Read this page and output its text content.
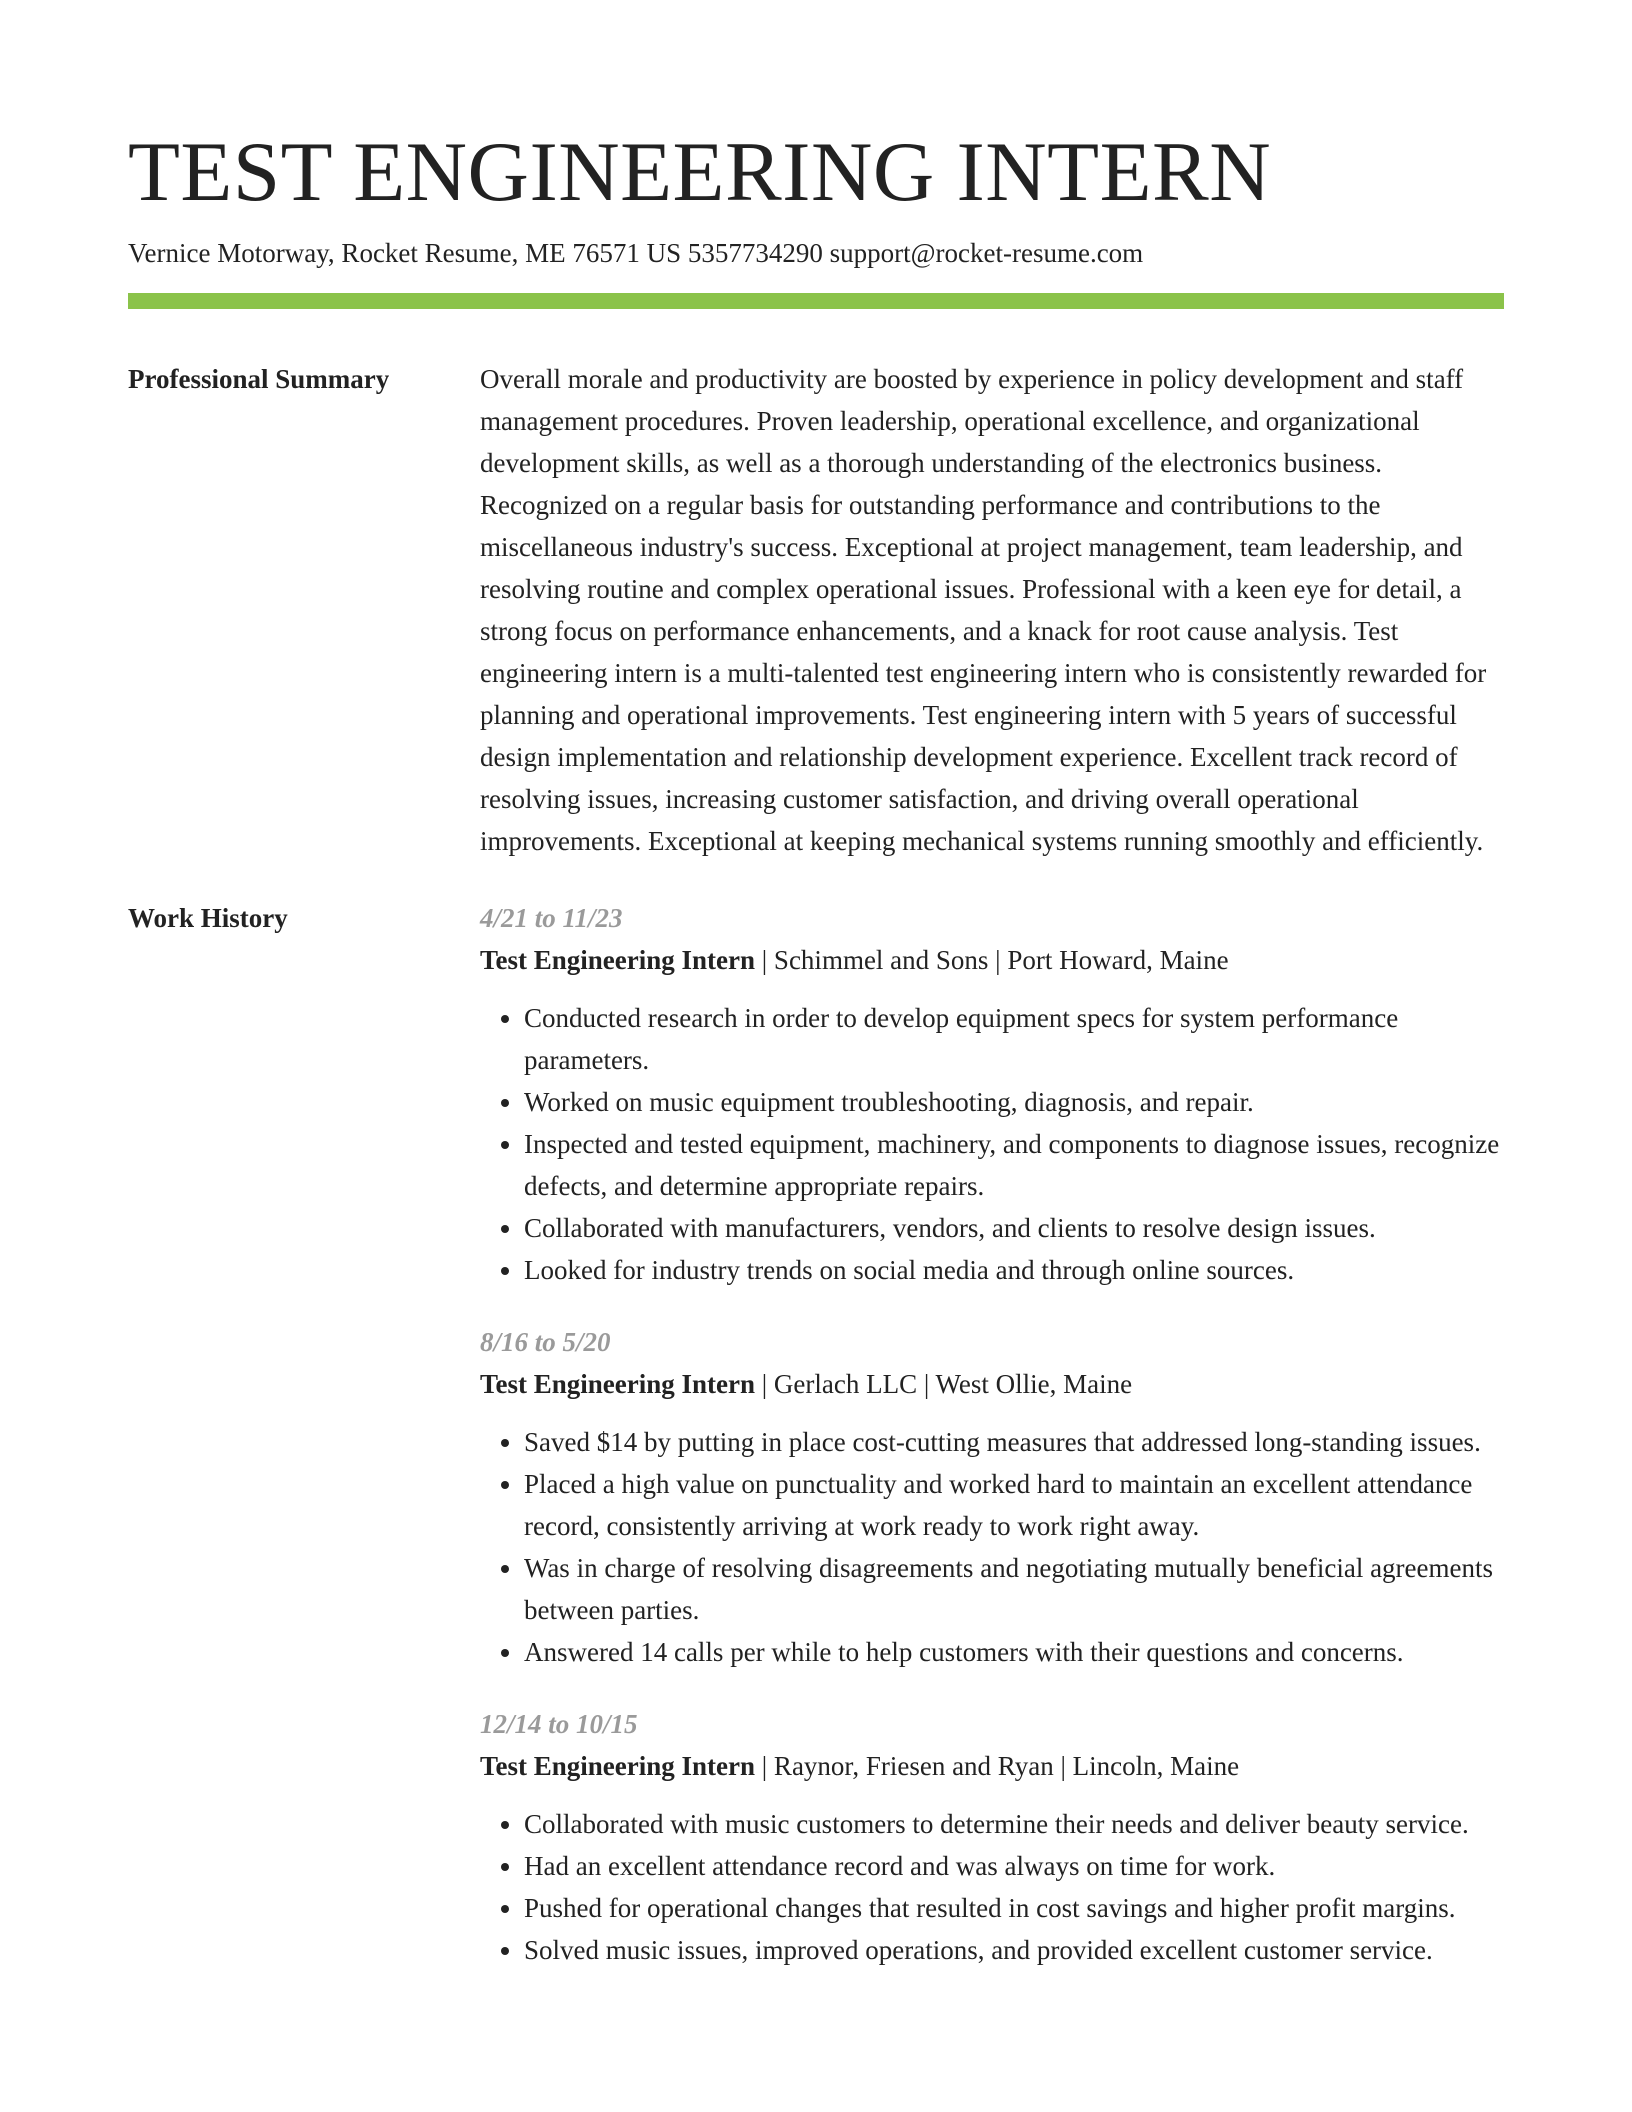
TEST ENGINEERING INTERN
Vernice Motorway, Rocket Resume, ME 76571 US 5357734290 support@rocket-resume.com
Professional Summary	Overall morale and productivity are boosted by experience in policy development and staff management procedures. Proven leadership, operational excellence, and organizational development skills, as well as a thorough understanding of the electronics business. Recognized on a regular basis for outstanding performance and contributions to the miscellaneous industry's success. Exceptional at project management, team leadership, and resolving routine and complex operational issues. Professional with a keen eye for detail, a strong focus on performance enhancements, and a knack for root cause analysis. Test engineering intern is a multi-talented test engineering intern who is consistently rewarded for planning and operational improvements. Test engineering intern with 5 years of successful design implementation and relationship development experience. Excellent track record of resolving issues, increasing customer satisfaction, and driving overall operational improvements. Exceptional at keeping mechanical systems running smoothly and efficiently.

Work History	4/21 to 11/23
Test Engineering Intern | Schimmel and Sons | Port Howard, Maine
• Conducted research in order to develop equipment specs for system performance parameters.
• Worked on music equipment troubleshooting, diagnosis, and repair.
• Inspected and tested equipment, machinery, and components to diagnose issues, recognize defects, and determine appropriate repairs.
• Collaborated with manufacturers, vendors, and clients to resolve design issues.
• Looked for industry trends on social media and through online sources.
8/16 to 5/20
Test Engineering Intern | Gerlach LLC | West Ollie, Maine
• Saved $14 by putting in place cost-cutting measures that addressed long-standing issues.
• Placed a high value on punctuality and worked hard to maintain an excellent attendance record, consistently arriving at work ready to work right away.
• Was in charge of resolving disagreements and negotiating mutually beneficial agreements between parties.
• Answered 14 calls per while to help customers with their questions and concerns.
12/14 to 10/15
Test Engineering Intern | Raynor, Friesen and Ryan | Lincoln, Maine
• Collaborated with music customers to determine their needs and deliver beauty service.
• Had an excellent attendance record and was always on time for work.
• Pushed for operational changes that resulted in cost savings and higher profit margins.
• Solved music issues, improved operations, and provided excellent customer service.
